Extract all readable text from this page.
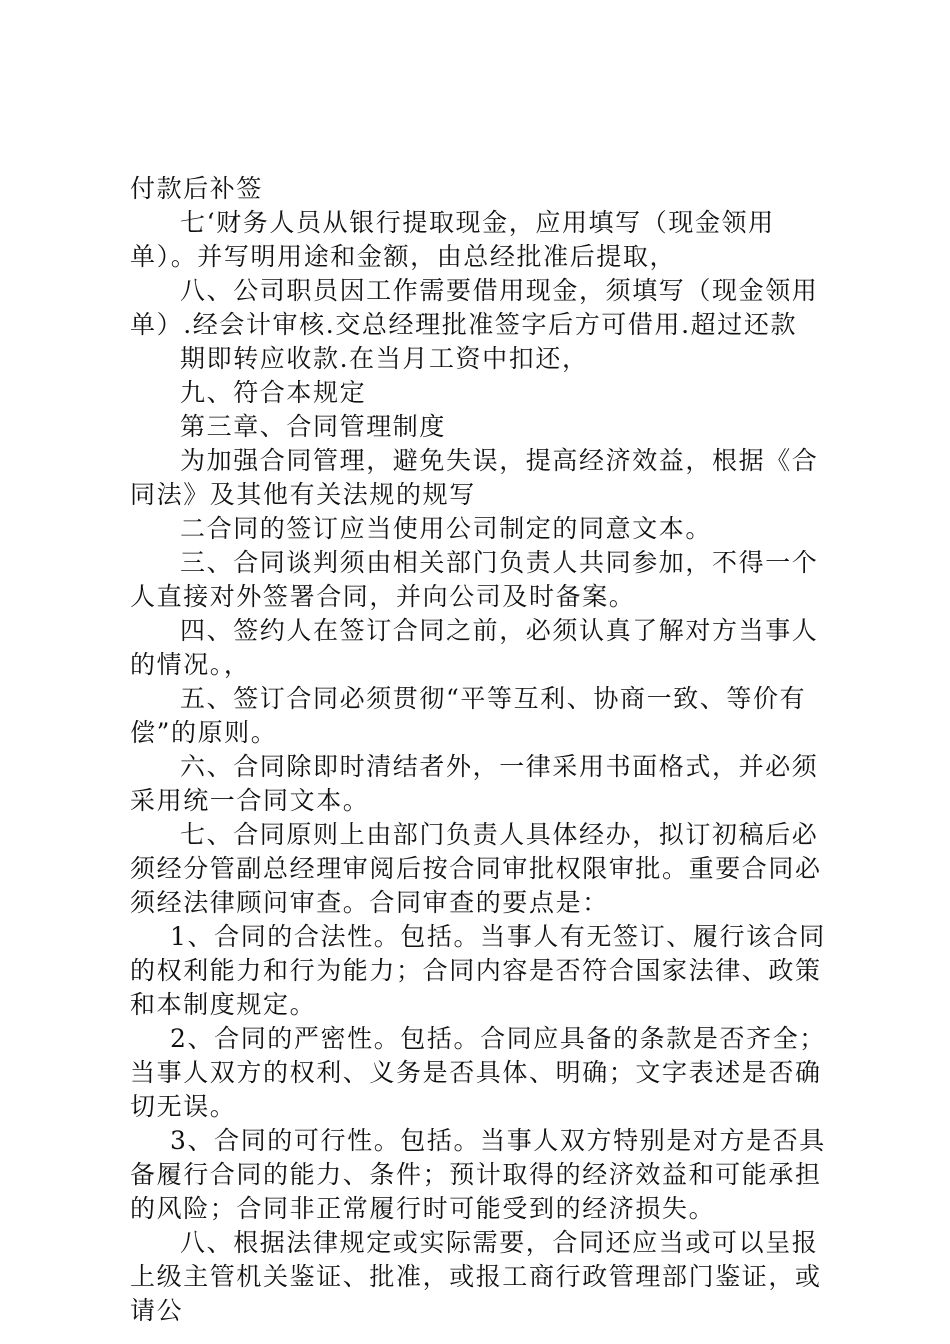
付款后补签

七‘财务人员从银行提取现金，应用填写（现金领用单）。并写明用途和金额，由总经批准后提取，

八、公司职员因工作需要借用现金，须填写（现金领用单）.经会计审核.交总经理批准签字后方可借用.超过还款

期即转应收款.在当月工资中扣还，

九、符合本规定

第三章、合同管理制度

为加强合同管理，避免失误，提高经济效益，根据《合同法》及其他有关法规的规写

二合同的签订应当使用公司制定的同意文本。

三、合同谈判须由相关部门负责人共同参加，不得一个人直接对外签署合同，并向公司及时备案。

四、签约人在签订合同之前，必须认真了解对方当事人的情况。，

五、签订合同必须贯彻“平等互利、协商一致、等价有偿”的原则。

六、合同除即时清结者外，一律采用书面格式，并必须采用统一合同文本。

七、合同原则上由部门负责人具体经办，拟订初稿后必须经分管副总经理审阅后按合同审批权限审批。重要合同必须经法律顾问审查。合同审查的要点是：

1、合同的合法性。包括。当事人有无签订、履行该合同的权利能力和行为能力；合同内容是否符合国家法律、政策和本制度规定。

2、合同的严密性。包括。合同应具备的条款是否齐全；当事人双方的权利、义务是否具体、明确；文字表述是否确切无误。

3、合同的可行性。包括。当事人双方特别是对方是否具备履行合同的能力、条件；预计取得的经济效益和可能承担的风险；合同非正常履行时可能受到的经济损失。

八、根据法律规定或实际需要，合同还应当或可以呈报上级主管机关鉴证、批准，或报工商行政管理部门鉴证，或请公
